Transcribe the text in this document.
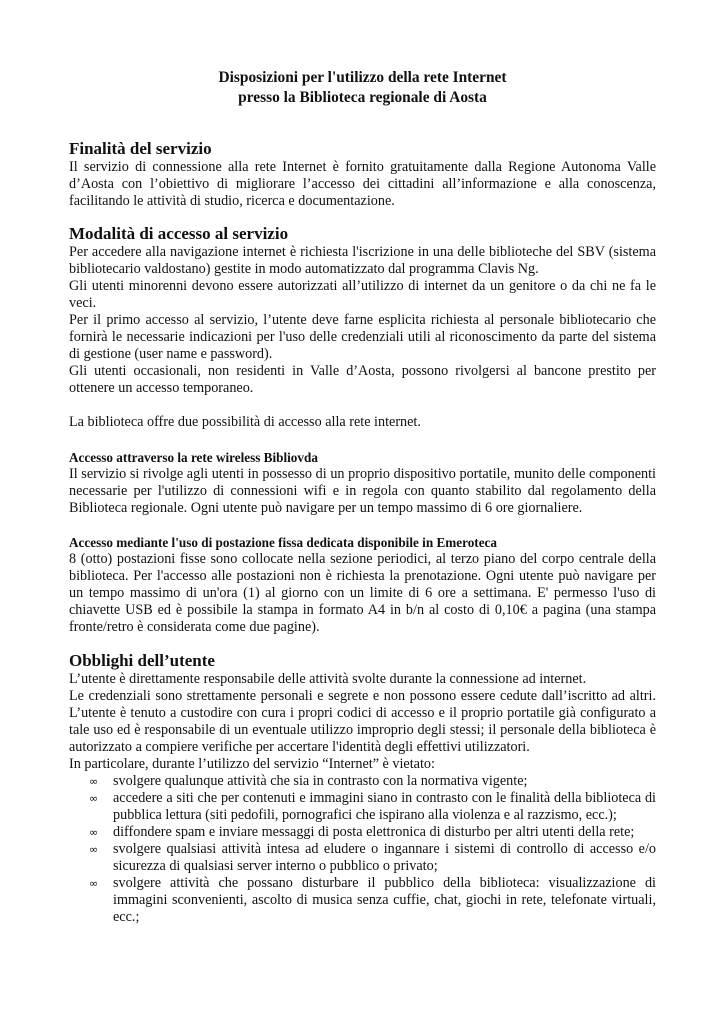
Disposizioni per l'utilizzo della rete Internet

presso la Biblioteca regionale di Aosta

Finalità del servizio

Il servizio di connessione alla rete Internet è fornito gratuitamente dalla Regione Autonoma Valle d’Aosta con l’obiettivo di migliorare l’accesso dei cittadini all’informazione e alla conoscenza, facilitando le attività di studio, ricerca e documentazione.

Modalità di accesso al servizio

Per accedere alla navigazione internet è richiesta l'iscrizione in una delle biblioteche del SBV (sistema bibliotecario valdostano) gestite in modo automatizzato dal programma Clavis Ng.

Gli utenti minorenni devono essere autorizzati all’utilizzo di internet da un genitore o da chi ne fa le veci.

Per il primo accesso al servizio, l’utente deve farne esplicita richiesta al personale bibliotecario che fornirà le necessarie indicazioni per l'uso delle credenziali utili al riconoscimento da parte del sistema di gestione (user name e password).

Gli utenti occasionali, non residenti in Valle d’Aosta, possono rivolgersi al bancone prestito per ottenere un accesso temporaneo.

La biblioteca offre due possibilità di accesso alla rete internet.

Accesso attraverso la rete wireless Bibliovda

Il servizio si rivolge agli utenti in possesso di un proprio dispositivo portatile, munito delle componenti necessarie per l'utilizzo di connessioni wifi e in regola con quanto stabilito dal regolamento della Biblioteca regionale. Ogni utente può navigare per un tempo massimo di 6 ore giornaliere.

Accesso mediante l'uso di postazione fissa dedicata disponibile in Emeroteca

8 (otto) postazioni fisse sono collocate nella sezione periodici, al terzo piano del corpo centrale della biblioteca. Per l'accesso alle postazioni non è richiesta la prenotazione. Ogni utente può navigare per un tempo massimo di un'ora (1) al giorno con un limite di 6 ore a settimana. E' permesso l'uso di chiavette USB ed è possibile la stampa in formato A4 in b/n al costo di 0,10€ a pagina (una stampa fronte/retro è considerata come due pagine).

Obblighi dell’utente

L’utente è direttamente responsabile delle attività svolte durante la connessione ad internet.

Le credenziali sono strettamente personali e segrete e non possono essere cedute dall’iscritto ad altri. L’utente è tenuto a custodire con cura i propri codici di accesso e il proprio portatile già configurato a tale uso ed è responsabile di un eventuale utilizzo improprio degli stessi; il personale della biblioteca è autorizzato a compiere verifiche per accertare l'identità degli effettivi utilizzatori.

In particolare, durante l’utilizzo del servizio “Internet” è vietato:

∞ svolgere qualunque attività che sia in contrasto con la normativa vigente;
∞ accedere a siti che per contenuti e immagini siano in contrasto con le finalità della biblioteca di pubblica lettura (siti pedofili, pornografici che ispirano alla violenza e al razzismo, ecc.);
∞ diffondere spam e inviare messaggi di posta elettronica di disturbo per altri utenti della rete;
∞ svolgere qualsiasi attività intesa ad eludere o ingannare i sistemi di controllo di accesso e/o sicurezza di qualsiasi server interno o pubblico o privato;
∞ svolgere attività che possano disturbare il pubblico della biblioteca: visualizzazione di immagini sconvenienti, ascolto di musica senza cuffie, chat, giochi in rete, telefonate virtuali, ecc.;
